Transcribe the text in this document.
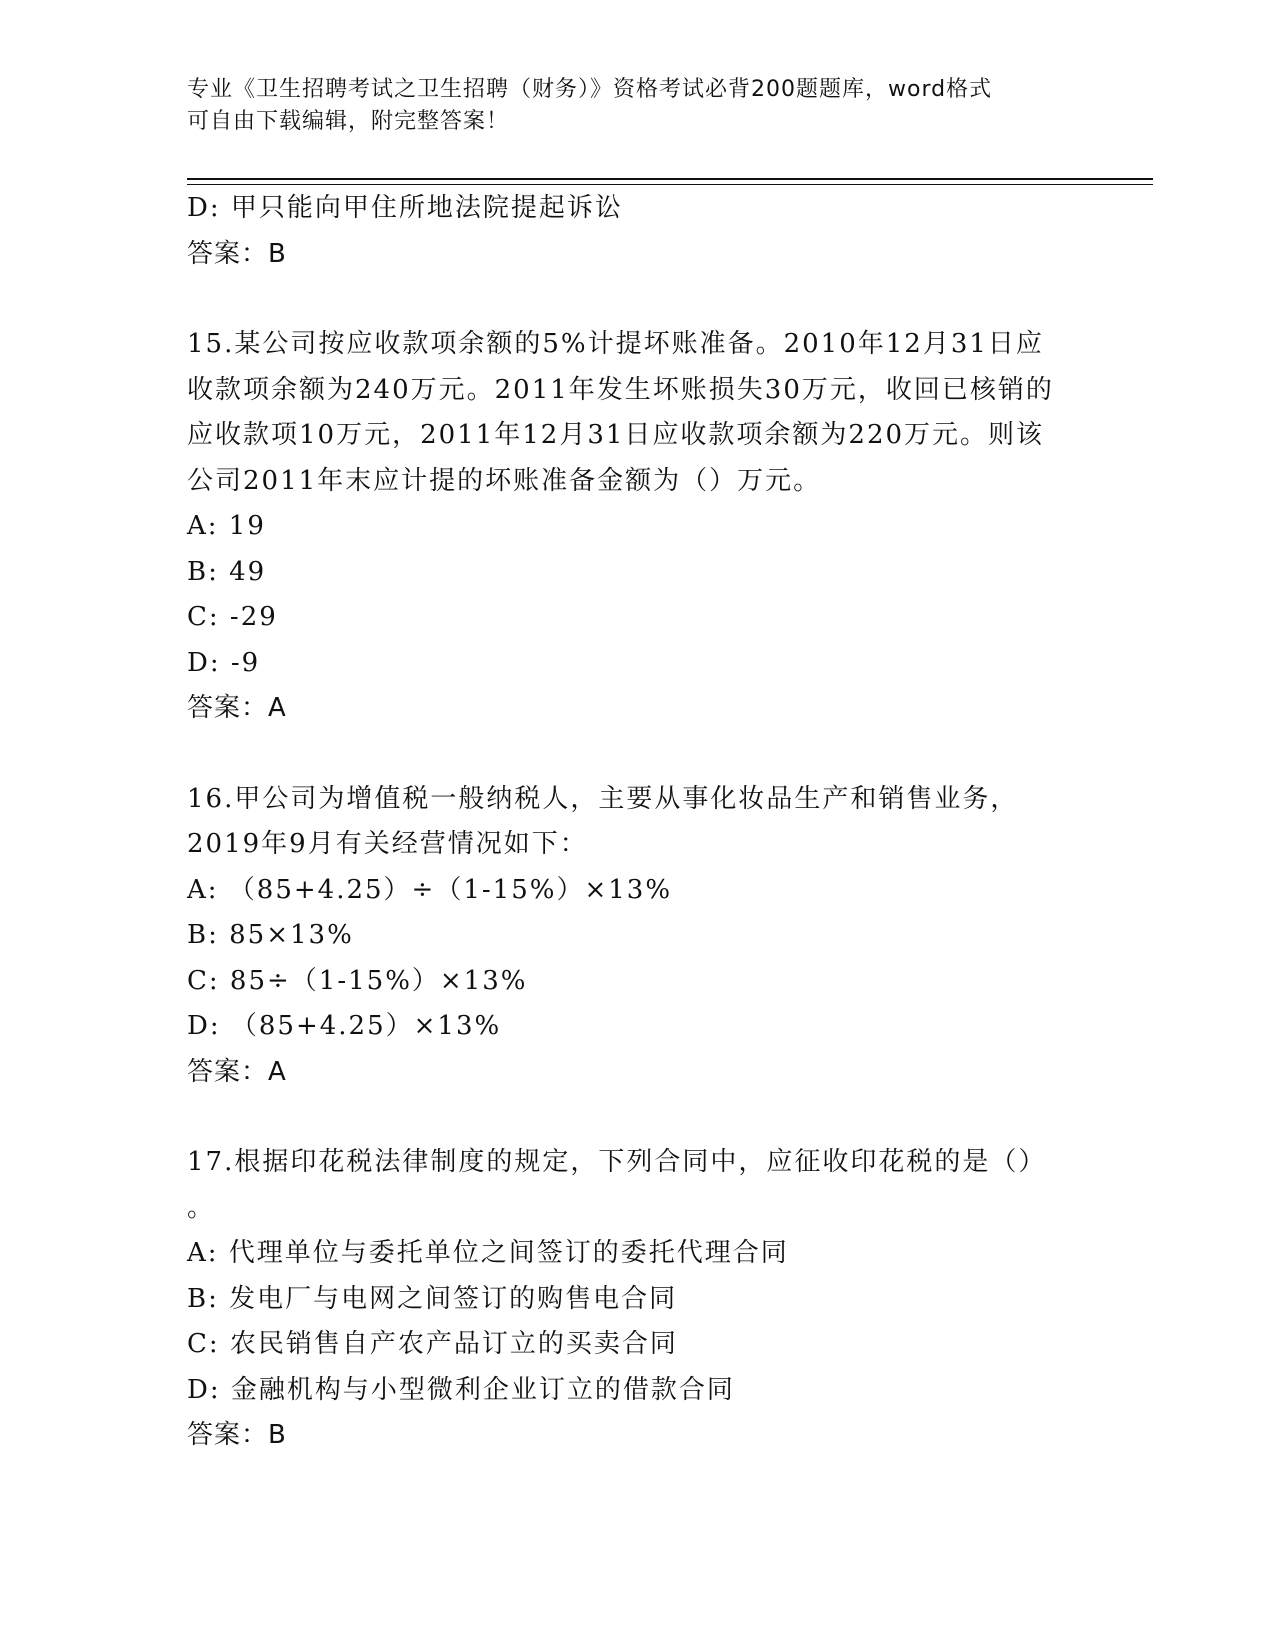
专业《卫生招聘考试之卫生招聘（财务）》资格考试必背200题题库，word格式
可自由下载编辑，附完整答案！
D: 甲只能向甲住所地法院提起诉讼
答案：B
15.某公司按应收款项余额的5%计提坏账准备。2010年12月31日应
收款项余额为240万元。2011年发生坏账损失30万元，收回已核销的
应收款项10万元，2011年12月31日应收款项余额为220万元。则该
公司2011年末应计提的坏账准备金额为（）万元。
A: 19
B: 49
C: -29
D: -9
答案：A
16.甲公司为增值税一般纳税人，主要从事化妆品生产和销售业务，
2019年9月有关经营情况如下：
A: （85+4.25）÷（1-15%）×13%
B: 85×13%
C: 85÷（1-15%）×13%
D: （85+4.25）×13%
答案：A
17.根据印花税法律制度的规定，下列合同中，应征收印花税的是（）
。
A: 代理单位与委托单位之间签订的委托代理合同
B: 发电厂与电网之间签订的购售电合同
C: 农民销售自产农产品订立的买卖合同
D: 金融机构与小型微利企业订立的借款合同
答案：B
